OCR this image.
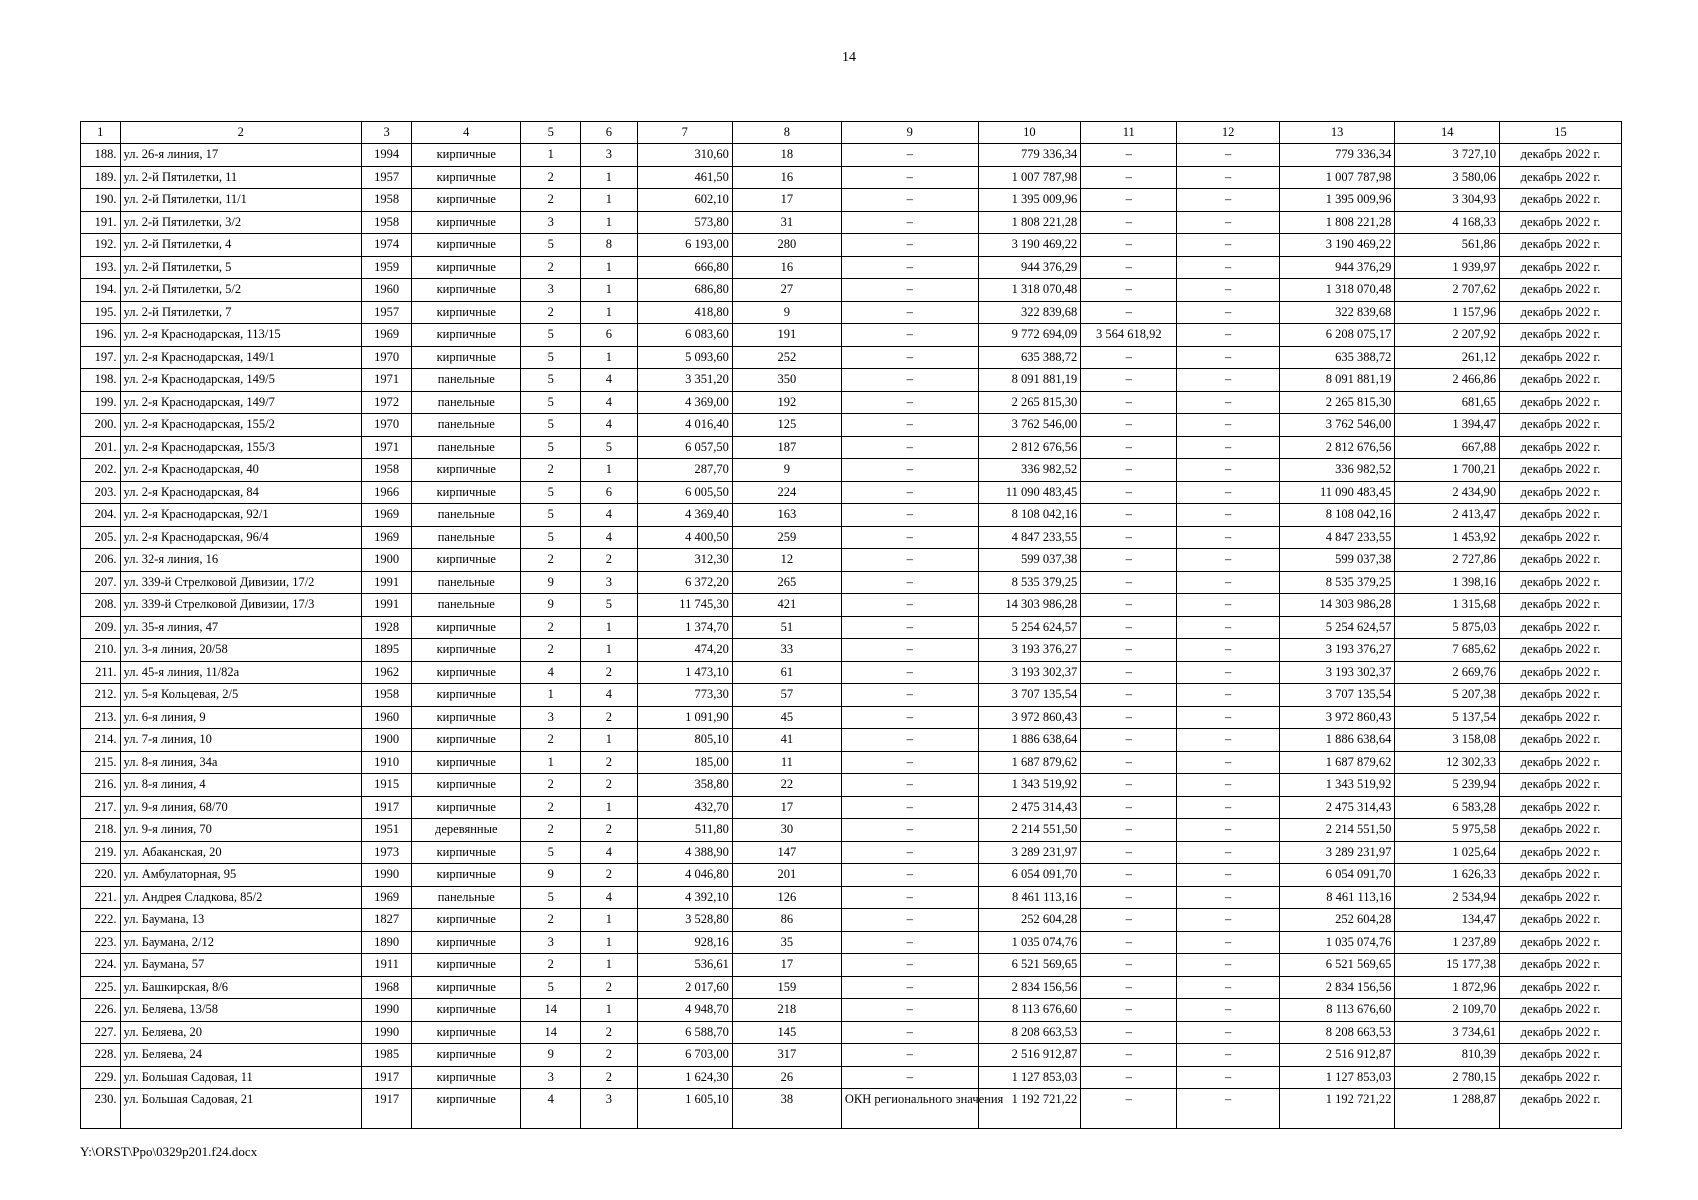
14
1	2	3	4	5	6	7	8	9	10	11	12	13	14	15
188.	ул. 26-я линия, 17	1994	кирпичные	1	3	310,60	18	–	779 336,34	–	–	779 336,34	3 727,10	декабрь 2022 г.
189.	ул. 2-й Пятилетки, 11	1957	кирпичные	2	1	461,50	16	–	1 007 787,98	–	–	1 007 787,98	3 580,06	декабрь 2022 г.
190.	ул. 2-й Пятилетки, 11/1	1958	кирпичные	2	1	602,10	17	–	1 395 009,96	–	–	1 395 009,96	3 304,93	декабрь 2022 г.
191.	ул. 2-й Пятилетки, 3/2	1958	кирпичные	3	1	573,80	31	–	1 808 221,28	–	–	1 808 221,28	4 168,33	декабрь 2022 г.
192.	ул. 2-й Пятилетки, 4	1974	кирпичные	5	8	6 193,00	280	–	3 190 469,22	–	–	3 190 469,22	561,86	декабрь 2022 г.
193.	ул. 2-й Пятилетки, 5	1959	кирпичные	2	1	666,80	16	–	944 376,29	–	–	944 376,29	1 939,97	декабрь 2022 г.
194.	ул. 2-й Пятилетки, 5/2	1960	кирпичные	3	1	686,80	27	–	1 318 070,48	–	–	1 318 070,48	2 707,62	декабрь 2022 г.
195.	ул. 2-й Пятилетки, 7	1957	кирпичные	2	1	418,80	9	–	322 839,68	–	–	322 839,68	1 157,96	декабрь 2022 г.
196.	ул. 2-я Краснодарская, 113/15	1969	кирпичные	5	6	6 083,60	191	–	9 772 694,09	3 564 618,92	–	6 208 075,17	2 207,92	декабрь 2022 г.
197.	ул. 2-я Краснодарская, 149/1	1970	кирпичные	5	1	5 093,60	252	–	635 388,72	–	–	635 388,72	261,12	декабрь 2022 г.
198.	ул. 2-я Краснодарская, 149/5	1971	панельные	5	4	3 351,20	350	–	8 091 881,19	–	–	8 091 881,19	2 466,86	декабрь 2022 г.
199.	ул. 2-я Краснодарская, 149/7	1972	панельные	5	4	4 369,00	192	–	2 265 815,30	–	–	2 265 815,30	681,65	декабрь 2022 г.
200.	ул. 2-я Краснодарская, 155/2	1970	панельные	5	4	4 016,40	125	–	3 762 546,00	–	–	3 762 546,00	1 394,47	декабрь 2022 г.
201.	ул. 2-я Краснодарская, 155/3	1971	панельные	5	5	6 057,50	187	–	2 812 676,56	–	–	2 812 676,56	667,88	декабрь 2022 г.
202.	ул. 2-я Краснодарская, 40	1958	кирпичные	2	1	287,70	9	–	336 982,52	–	–	336 982,52	1 700,21	декабрь 2022 г.
203.	ул. 2-я Краснодарская, 84	1966	кирпичные	5	6	6 005,50	224	–	11 090 483,45	–	–	11 090 483,45	2 434,90	декабрь 2022 г.
204.	ул. 2-я Краснодарская, 92/1	1969	панельные	5	4	4 369,40	163	–	8 108 042,16	–	–	8 108 042,16	2 413,47	декабрь 2022 г.
205.	ул. 2-я Краснодарская, 96/4	1969	панельные	5	4	4 400,50	259	–	4 847 233,55	–	–	4 847 233,55	1 453,92	декабрь 2022 г.
206.	ул. 32-я линия, 16	1900	кирпичные	2	2	312,30	12	–	599 037,38	–	–	599 037,38	2 727,86	декабрь 2022 г.
207.	ул. 339-й Стрелковой Дивизии, 17/2	1991	панельные	9	3	6 372,20	265	–	8 535 379,25	–	–	8 535 379,25	1 398,16	декабрь 2022 г.
208.	ул. 339-й Стрелковой Дивизии, 17/3	1991	панельные	9	5	11 745,30	421	–	14 303 986,28	–	–	14 303 986,28	1 315,68	декабрь 2022 г.
209.	ул. 35-я линия, 47	1928	кирпичные	2	1	1 374,70	51	–	5 254 624,57	–	–	5 254 624,57	5 875,03	декабрь 2022 г.
210.	ул. 3-я линия, 20/58	1895	кирпичные	2	1	474,20	33	–	3 193 376,27	–	–	3 193 376,27	7 685,62	декабрь 2022 г.
211.	ул. 45-я линия, 11/82а	1962	кирпичные	4	2	1 473,10	61	–	3 193 302,37	–	–	3 193 302,37	2 669,76	декабрь 2022 г.
212.	ул. 5-я Кольцевая, 2/5	1958	кирпичные	1	4	773,30	57	–	3 707 135,54	–	–	3 707 135,54	5 207,38	декабрь 2022 г.
213.	ул. 6-я линия, 9	1960	кирпичные	3	2	1 091,90	45	–	3 972 860,43	–	–	3 972 860,43	5 137,54	декабрь 2022 г.
214.	ул. 7-я линия, 10	1900	кирпичные	2	1	805,10	41	–	1 886 638,64	–	–	1 886 638,64	3 158,08	декабрь 2022 г.
215.	ул. 8-я линия, 34а	1910	кирпичные	1	2	185,00	11	–	1 687 879,62	–	–	1 687 879,62	12 302,33	декабрь 2022 г.
216.	ул. 8-я линия, 4	1915	кирпичные	2	2	358,80	22	–	1 343 519,92	–	–	1 343 519,92	5 239,94	декабрь 2022 г.
217.	ул. 9-я линия, 68/70	1917	кирпичные	2	1	432,70	17	–	2 475 314,43	–	–	2 475 314,43	6 583,28	декабрь 2022 г.
218.	ул. 9-я линия, 70	1951	деревянные	2	2	511,80	30	–	2 214 551,50	–	–	2 214 551,50	5 975,58	декабрь 2022 г.
219.	ул. Абаканская, 20	1973	кирпичные	5	4	4 388,90	147	–	3 289 231,97	–	–	3 289 231,97	1 025,64	декабрь 2022 г.
220.	ул. Амбулаторная, 95	1990	кирпичные	9	2	4 046,80	201	–	6 054 091,70	–	–	6 054 091,70	1 626,33	декабрь 2022 г.
221.	ул. Андрея Сладкова, 85/2	1969	панельные	5	4	4 392,10	126	–	8 461 113,16	–	–	8 461 113,16	2 534,94	декабрь 2022 г.
222.	ул. Баумана, 13	1827	кирпичные	2	1	3 528,80	86	–	252 604,28	–	–	252 604,28	134,47	декабрь 2022 г.
223.	ул. Баумана, 2/12	1890	кирпичные	3	1	928,16	35	–	1 035 074,76	–	–	1 035 074,76	1 237,89	декабрь 2022 г.
224.	ул. Баумана, 57	1911	кирпичные	2	1	536,61	17	–	6 521 569,65	–	–	6 521 569,65	15 177,38	декабрь 2022 г.
225.	ул. Башкирская, 8/6	1968	кирпичные	5	2	2 017,60	159	–	2 834 156,56	–	–	2 834 156,56	1 872,96	декабрь 2022 г.
226.	ул. Беляева, 13/58	1990	кирпичные	14	1	4 948,70	218	–	8 113 676,60	–	–	8 113 676,60	2 109,70	декабрь 2022 г.
227.	ул. Беляева, 20	1990	кирпичные	14	2	6 588,70	145	–	8 208 663,53	–	–	8 208 663,53	3 734,61	декабрь 2022 г.
228.	ул. Беляева, 24	1985	кирпичные	9	2	6 703,00	317	–	2 516 912,87	–	–	2 516 912,87	810,39	декабрь 2022 г.
229.	ул. Большая Садовая, 11	1917	кирпичные	3	2	1 624,30	26	–	1 127 853,03	–	–	1 127 853,03	2 780,15	декабрь 2022 г.
230.	ул. Большая Садовая, 21	1917	кирпичные	4	3	1 605,10	38	ОКН регионального значения	1 192 721,22	–	–	1 192 721,22	1 288,87	декабрь 2022 г.
Y:\ORST\Ppo\0329p201.f24.docx
